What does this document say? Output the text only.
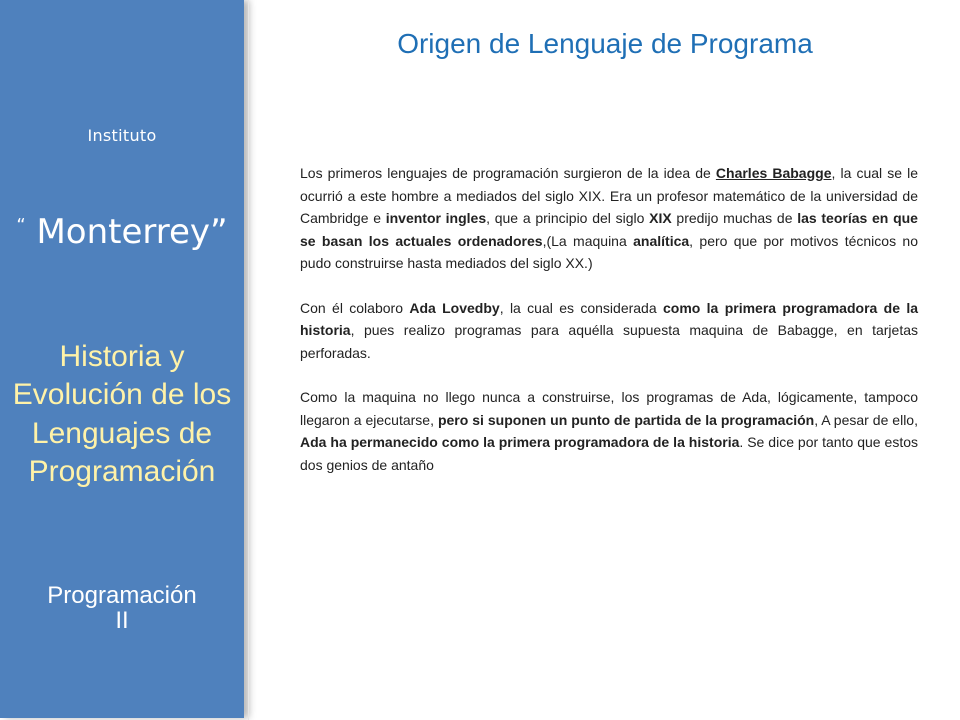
Instituto
“ Monterrey”
Historia y Evolución de los Lenguajes de Programación
Programación
II
Origen de Lenguaje de Programa

Los primeros lenguajes de programación surgieron de la idea de Charles Babagge, la cual se le ocurrió a este hombre a mediados del siglo XIX. Era un profesor matemático de la universidad de Cambridge e inventor ingles, que a principio del siglo XIX predijo muchas de las teorías en que se basan los actuales ordenadores,(La maquina analítica, pero que por motivos técnicos no pudo construirse hasta mediados del siglo XX.)

Con él colaboro Ada Lovedby, la cual es considerada como la primera programadora de la historia, pues realizo programas para aquélla supuesta maquina de Babagge, en tarjetas perforadas.

Como la maquina no llego nunca a construirse, los programas de Ada, lógicamente, tampoco llegaron a ejecutarse, pero si suponen un punto de partida de la programación, A pesar de ello, Ada ha permanecido como la primera programadora de la historia. Se dice por tanto que estos dos genios de antaño
